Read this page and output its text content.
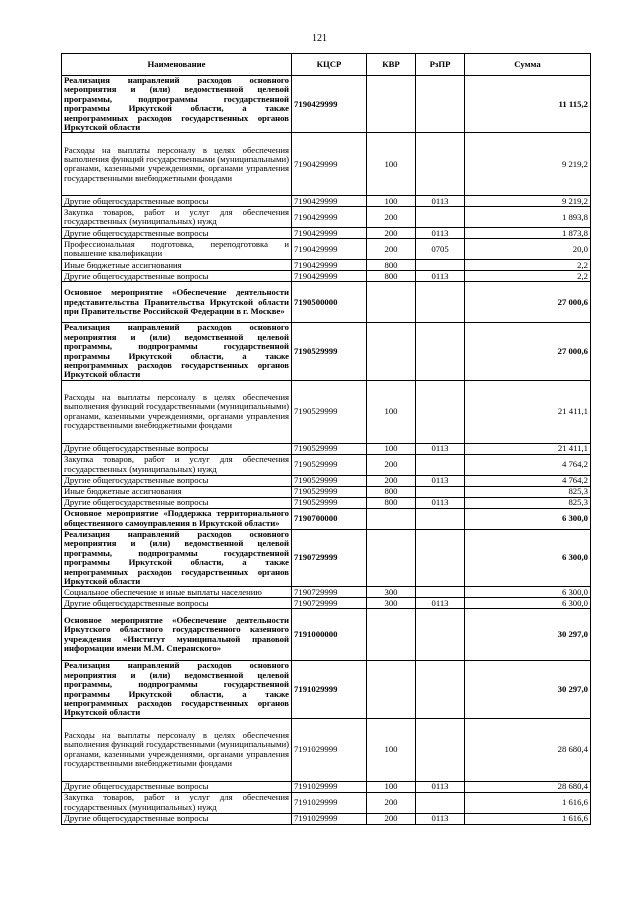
121
Наименование	КЦСР	КВР	РзПР	Сумма
Реализация направлений расходов основного мероприятия и (или) ведомственной целевой программы, подпрограммы государственной программы Иркутской области, а также непрограммных расходов государственных органов Иркутской области	7190429999			11 115,2
Расходы на выплаты персоналу в целях обеспечения выполнения функций государственными (муниципальными) органами, казенными учреждениями, органами управления государственными внебюджетными фондами	7190429999	100		9 219,2
Другие общегосударственные вопросы	7190429999	100	0113	9 219,2
Закупка товаров, работ и услуг для обеспечения государственных (муниципальных) нужд	7190429999	200		1 893,8
Другие общегосударственные вопросы	7190429999	200	0113	1 873,8
Профессиональная подготовка, переподготовка и повышение квалификации	7190429999	200	0705	20,0
Иные бюджетные ассигнования	7190429999	800		2,2
Другие общегосударственные вопросы	7190429999	800	0113	2,2
Основное мероприятие «Обеспечение деятельности представительства Правительства Иркутской области при Правительстве Российской Федерации в г. Москве»	7190500000			27 000,6
Реализация направлений расходов основного мероприятия и (или) ведомственной целевой программы, подпрограммы государственной программы Иркутской области, а также непрограммных расходов государственных органов Иркутской области	7190529999			27 000,6
Расходы на выплаты персоналу в целях обеспечения выполнения функций государственными (муниципальными) органами, казенными учреждениями, органами управления государственными внебюджетными фондами	7190529999	100		21 411,1
Другие общегосударственные вопросы	7190529999	100	0113	21 411,1
Закупка товаров, работ и услуг для обеспечения государственных (муниципальных) нужд	7190529999	200		4 764,2
Другие общегосударственные вопросы	7190529999	200	0113	4 764,2
Иные бюджетные ассигнования	7190529999	800		825,3
Другие общегосударственные вопросы	7190529999	800	0113	825,3
Основное мероприятие «Поддержка территориального общественного самоуправления в Иркутской области»	7190700000			6 300,0
Реализация направлений расходов основного мероприятия и (или) ведомственной целевой программы, подпрограммы государственной программы Иркутской области, а также непрограммных расходов государственных органов Иркутской области	7190729999			6 300,0
Социальное обеспечение и иные выплаты населению	7190729999	300		6 300,0
Другие общегосударственные вопросы	7190729999	300	0113	6 300,0
Основное мероприятие «Обеспечение деятельности Иркутского областного государственного казенного учреждения «Институт муниципальной правовой информации имени М.М. Сперанского»	7191000000			30 297,0
Реализация направлений расходов основного мероприятия и (или) ведомственной целевой программы, подпрограммы государственной программы Иркутской области, а также непрограммных расходов государственных органов Иркутской области	7191029999			30 297,0
Расходы на выплаты персоналу в целях обеспечения выполнения функций государственными (муниципальными) органами, казенными учреждениями, органами управления государственными внебюджетными фондами	7191029999	100		28 680,4
Другие общегосударственные вопросы	7191029999	100	0113	28 680,4
Закупка товаров, работ и услуг для обеспечения государственных (муниципальных) нужд	7191029999	200		1 616,6
Другие общегосударственные вопросы	7191029999	200	0113	1 616,6
